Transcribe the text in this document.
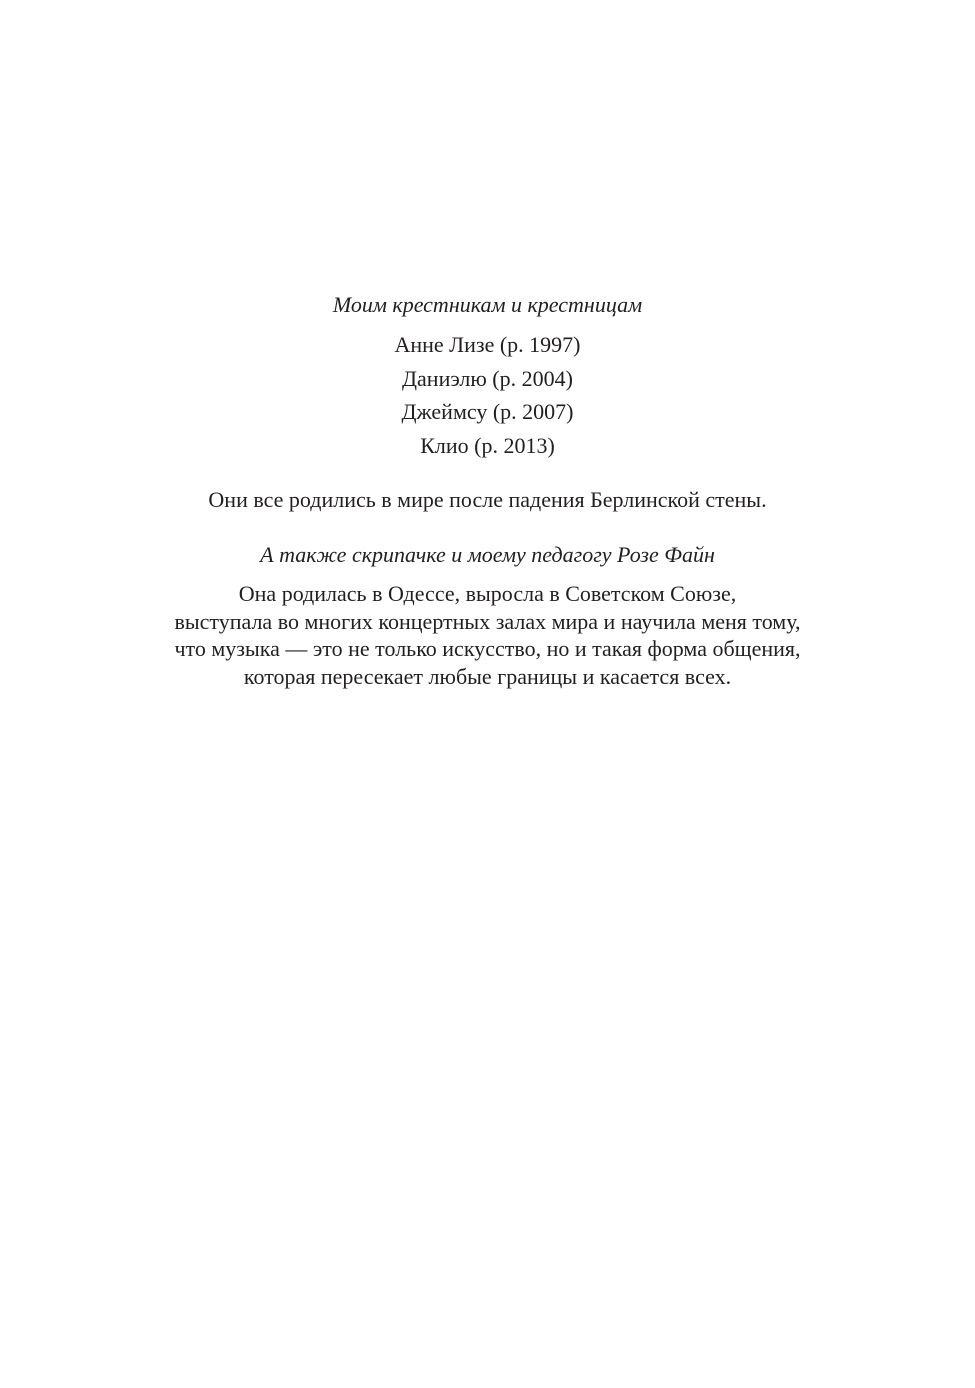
Моим крестникам и крестницам
Анне Лизе (р. 1997)
Даниэлю (р. 2004)
Джеймсу (р. 2007)
Клио (р. 2013)
Они все родились в мире после падения Берлинской стены.
А также скрипачке и моему педагогу Розе Файн
Она родилась в Одессе, выросла в Советском Союзе,
выступала во многих концертных залах мира и научила меня тому,
что музыка — это не только искусство, но и такая форма общения,
которая пересекает любые границы и касается всех.
